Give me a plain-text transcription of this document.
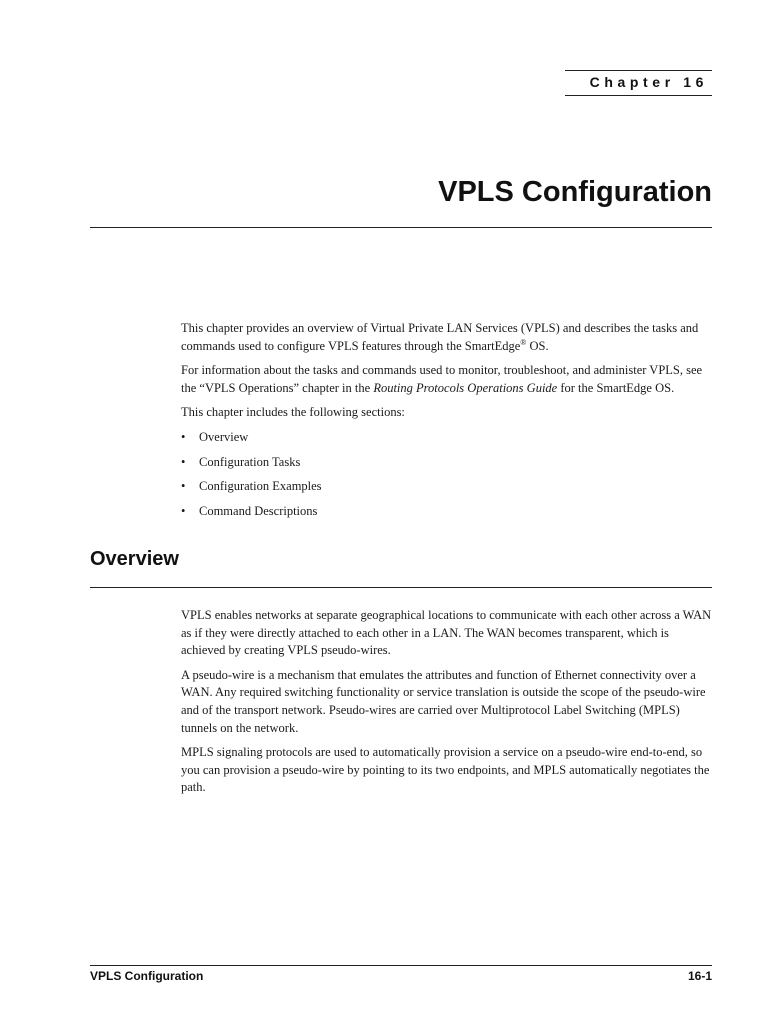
Chapter 16
VPLS Configuration

This chapter provides an overview of Virtual Private LAN Services (VPLS) and describes the tasks and commands used to configure VPLS features through the SmartEdge® OS.

For information about the tasks and commands used to monitor, troubleshoot, and administer VPLS, see the “VPLS Operations” chapter in the Routing Protocols Operations Guide for the SmartEdge OS.

This chapter includes the following sections:

• Overview
• Configuration Tasks
• Configuration Examples
• Command Descriptions
Overview

VPLS enables networks at separate geographical locations to communicate with each other across a WAN as if they were directly attached to each other in a LAN. The WAN becomes transparent, which is achieved by creating VPLS pseudo-wires.

A pseudo-wire is a mechanism that emulates the attributes and function of Ethernet connectivity over a WAN. Any required switching functionality or service translation is outside the scope of the pseudo-wire and of the transport network. Pseudo-wires are carried over Multiprotocol Label Switching (MPLS) tunnels on the network.

MPLS signaling protocols are used to automatically provision a service on a pseudo-wire end-to-end, so you can provision a pseudo-wire by pointing to its two endpoints, and MPLS automatically negotiates the path.

VPLS Configuration	16-1
